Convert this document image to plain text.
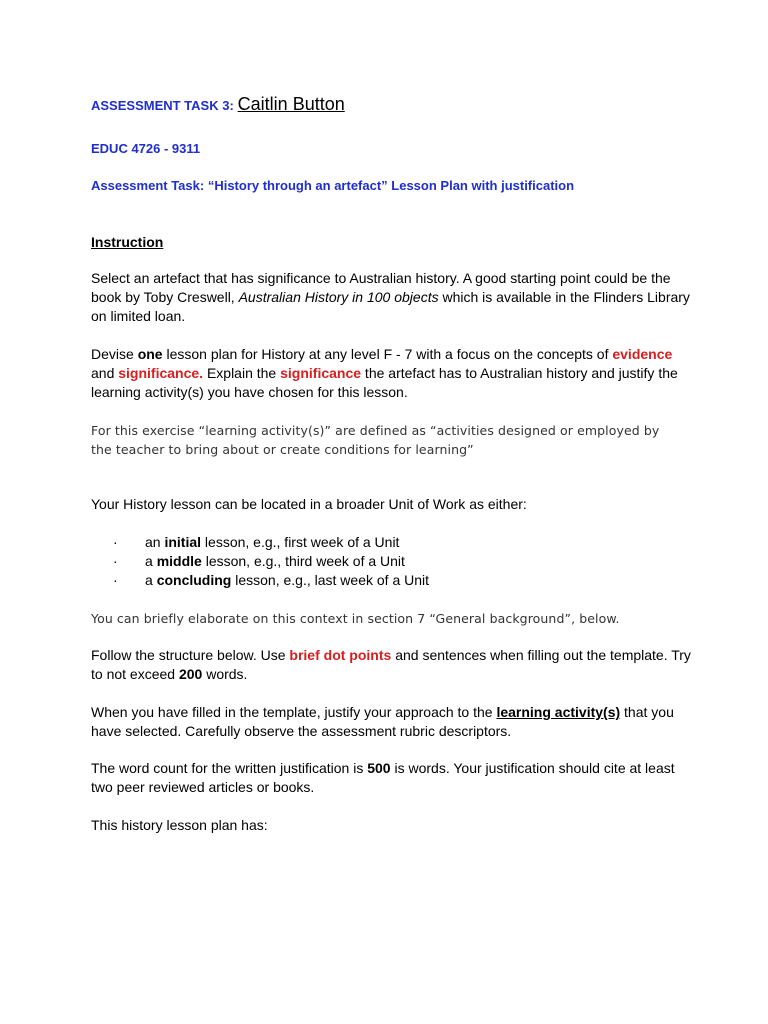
ASSESSMENT TASK 3: Caitlin Button
EDUC 4726 - 9311
Assessment Task: “History through an artefact” Lesson Plan with justification
Instruction

Select an artefact that has significance to Australian history. A good starting point could be the book by Toby Creswell, Australian History in 100 objects which is available in the Flinders Library on limited loan.

Devise one lesson plan for History at any level F - 7 with a focus on the concepts of evidence and significance. Explain the significance the artefact has to Australian history and justify the learning activity(s) you have chosen for this lesson.

For this exercise “learning activity(s)” are defined as “activities designed or employed by the teacher to bring about or create conditions for learning”

Your History lesson can be located in a broader Unit of Work as either:

·	an initial lesson, e.g., first week of a Unit
·	a middle lesson, e.g., third week of a Unit
·	a concluding lesson, e.g., last week of a Unit

You can briefly elaborate on this context in section 7 “General background”, below.

Follow the structure below. Use brief dot points and sentences when filling out the template. Try to not exceed 200 words.

When you have filled in the template, justify your approach to the learning activity(s) that you have selected. Carefully observe the assessment rubric descriptors.

The word count for the written justification is 500 is words. Your justification should cite at least two peer reviewed articles or books.

This history lesson plan has:
